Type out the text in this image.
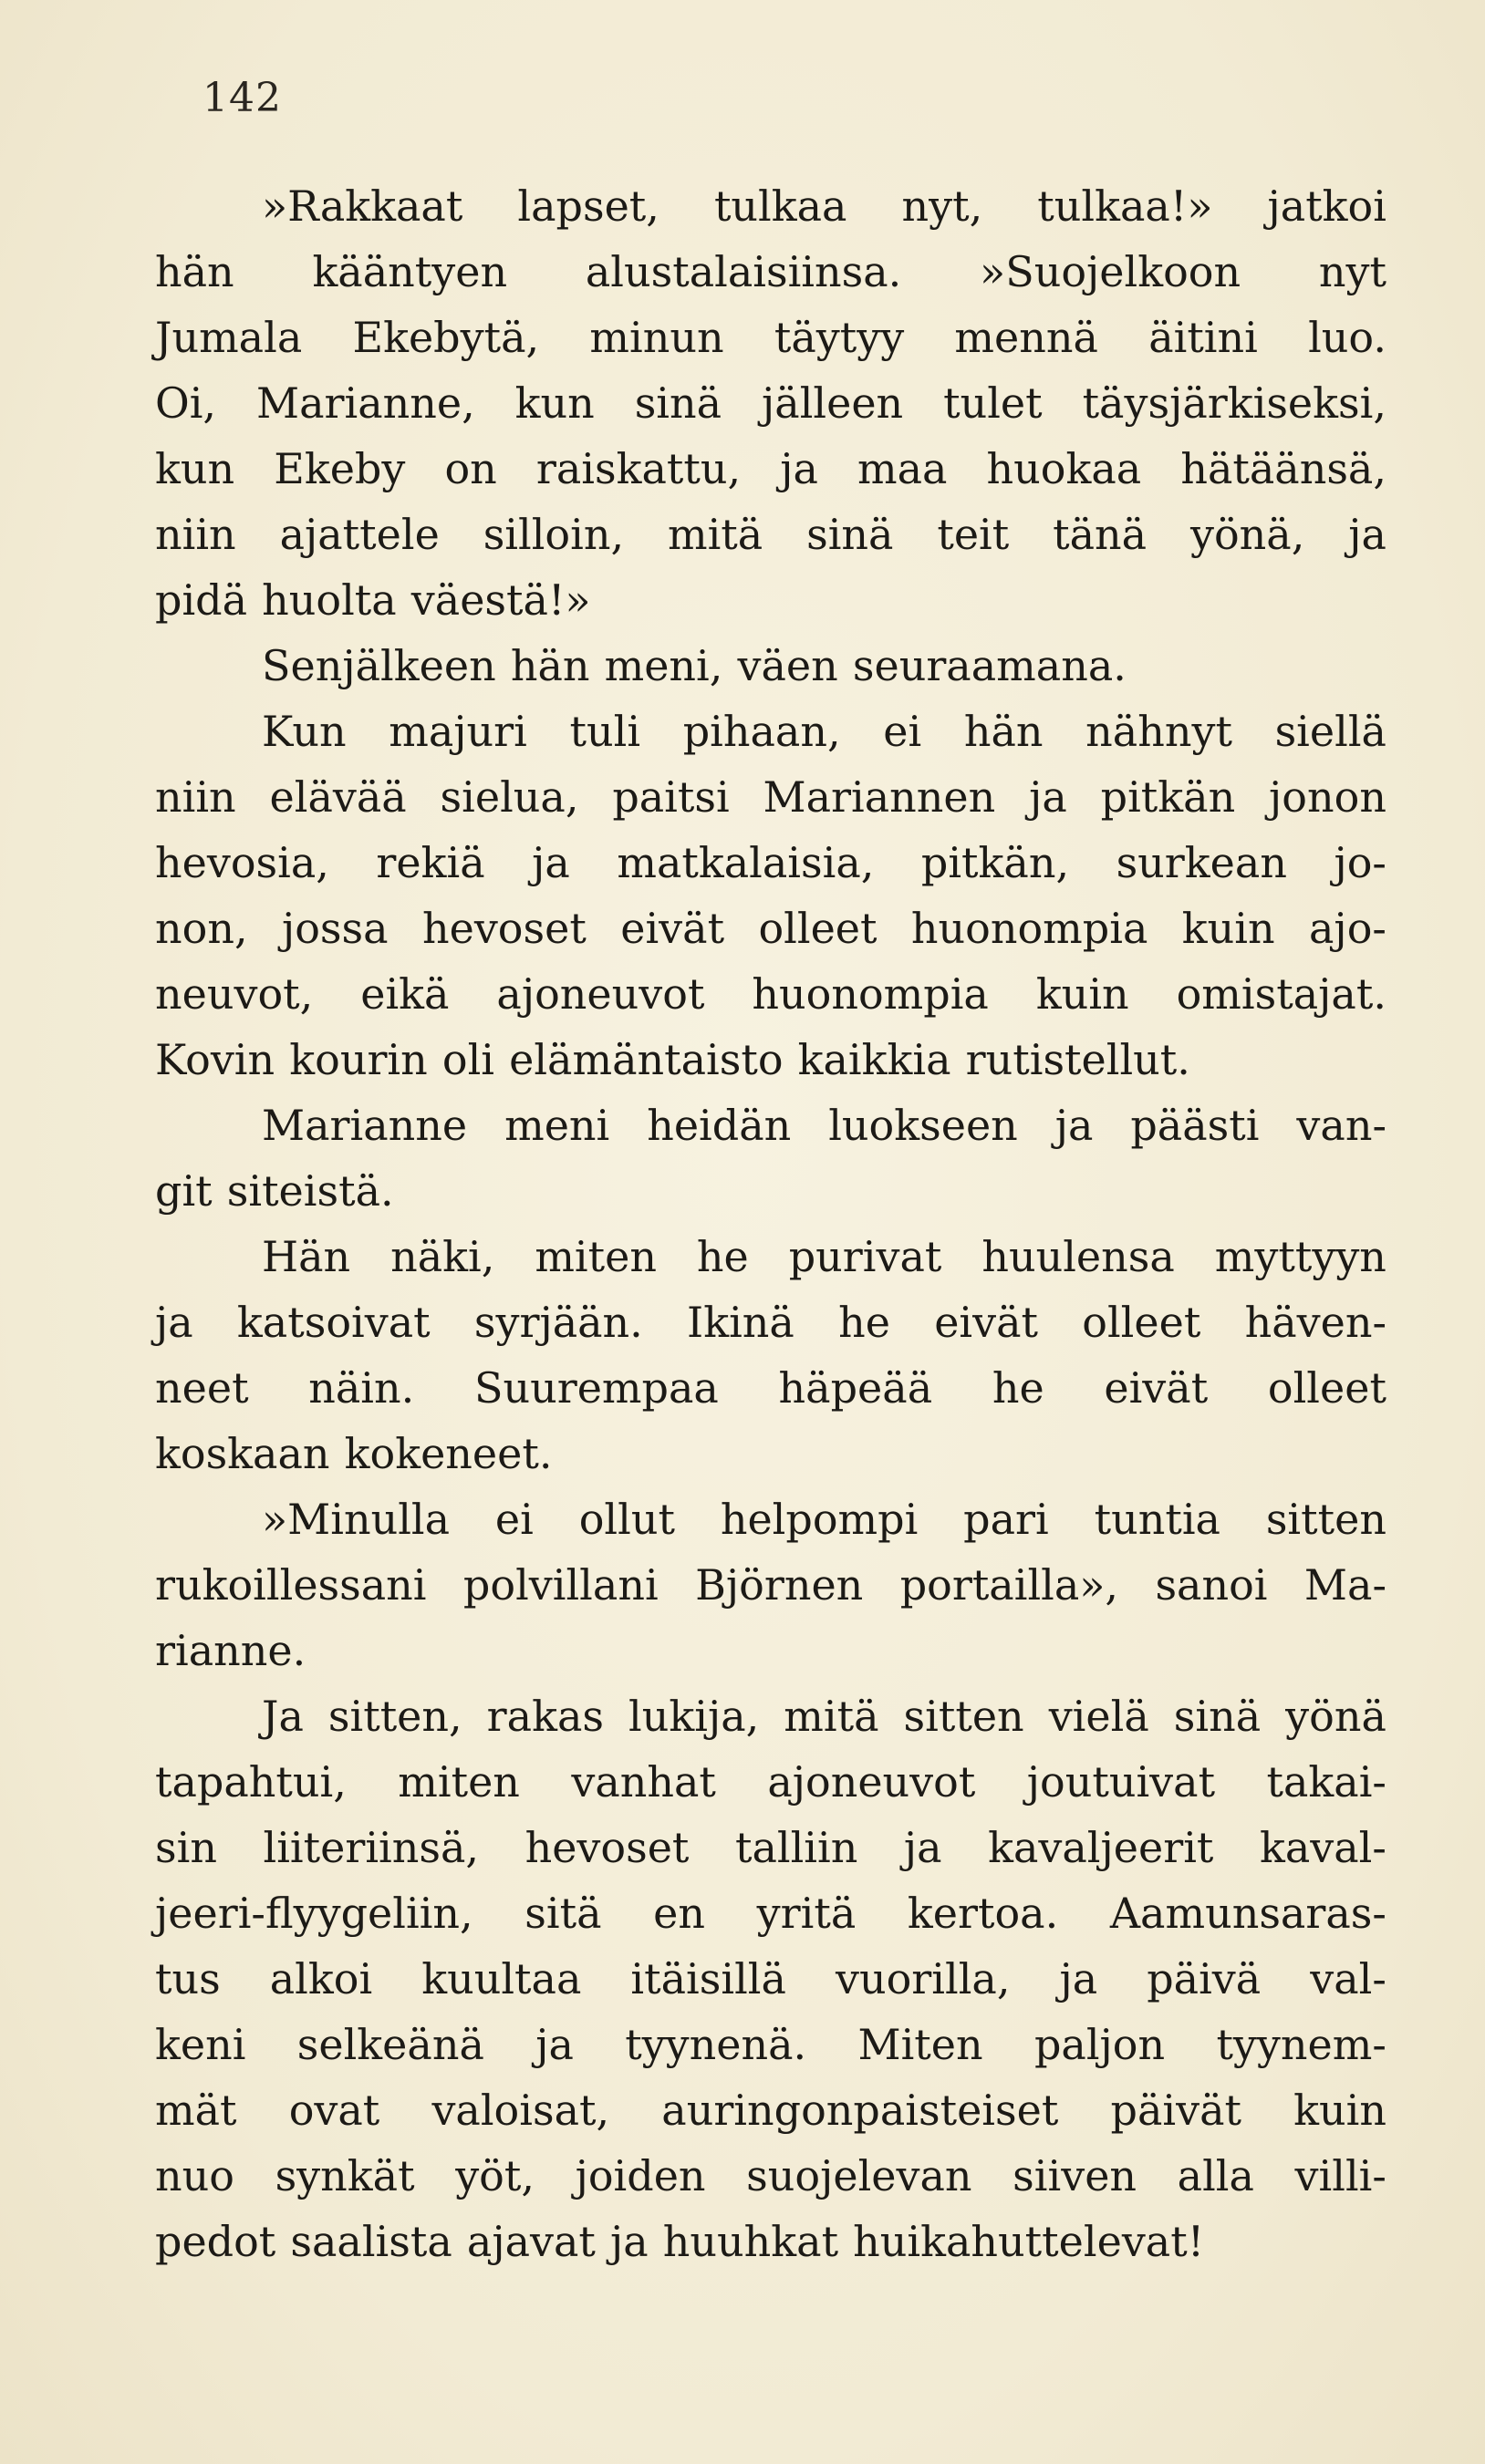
142
»Rakkaat lapset, tulkaa nyt, tulkaa!» jatkoi
hän kääntyen alustalaisiinsa. »Suojelkoon nyt
Jumala Ekebytä, minun täytyy mennä äitini luo.
Oi, Marianne, kun sinä jälleen tulet täysjärkiseksi,
kun Ekeby on raiskattu, ja maa huokaa hätäänsä,
niin ajattele silloin, mitä sinä teit tänä yönä, ja
pidä huolta väestä!»
Senjälkeen hän meni, väen seuraamana.
Kun majuri tuli pihaan, ei hän nähnyt siellä
niin elävää sielua, paitsi Mariannen ja pitkän jonon
hevosia, rekiä ja matkalaisia, pitkän, surkean jo-
non, jossa hevoset eivät olleet huonompia kuin ajo-
neuvot, eikä ajoneuvot huonompia kuin omistajat.
Kovin kourin oli elämäntaisto kaikkia rutistellut.
Marianne meni heidän luokseen ja päästi van-
git siteistä.
Hän näki, miten he purivat huulensa myttyyn
ja katsoivat syrjään. Ikinä he eivät olleet häven-
neet näin. Suurempaa häpeää he eivät olleet
koskaan kokeneet.
»Minulla ei ollut helpompi pari tuntia sitten
rukoillessani polvillani Björnen portailla», sanoi Ma-
rianne.
Ja sitten, rakas lukija, mitä sitten vielä sinä yönä
tapahtui, miten vanhat ajoneuvot joutuivat takai-
sin liiteriinsä, hevoset talliin ja kavaljeerit kaval-
jeeri-flyygeliin, sitä en yritä kertoa. Aamunsaras-
tus alkoi kuultaa itäisillä vuorilla, ja päivä val-
keni selkeänä ja tyynenä. Miten paljon tyynem-
mät ovat valoisat, auringonpaisteiset päivät kuin
nuo synkät yöt, joiden suojelevan siiven alla villi-
pedot saalista ajavat ja huuhkat huikahuttelevat!
